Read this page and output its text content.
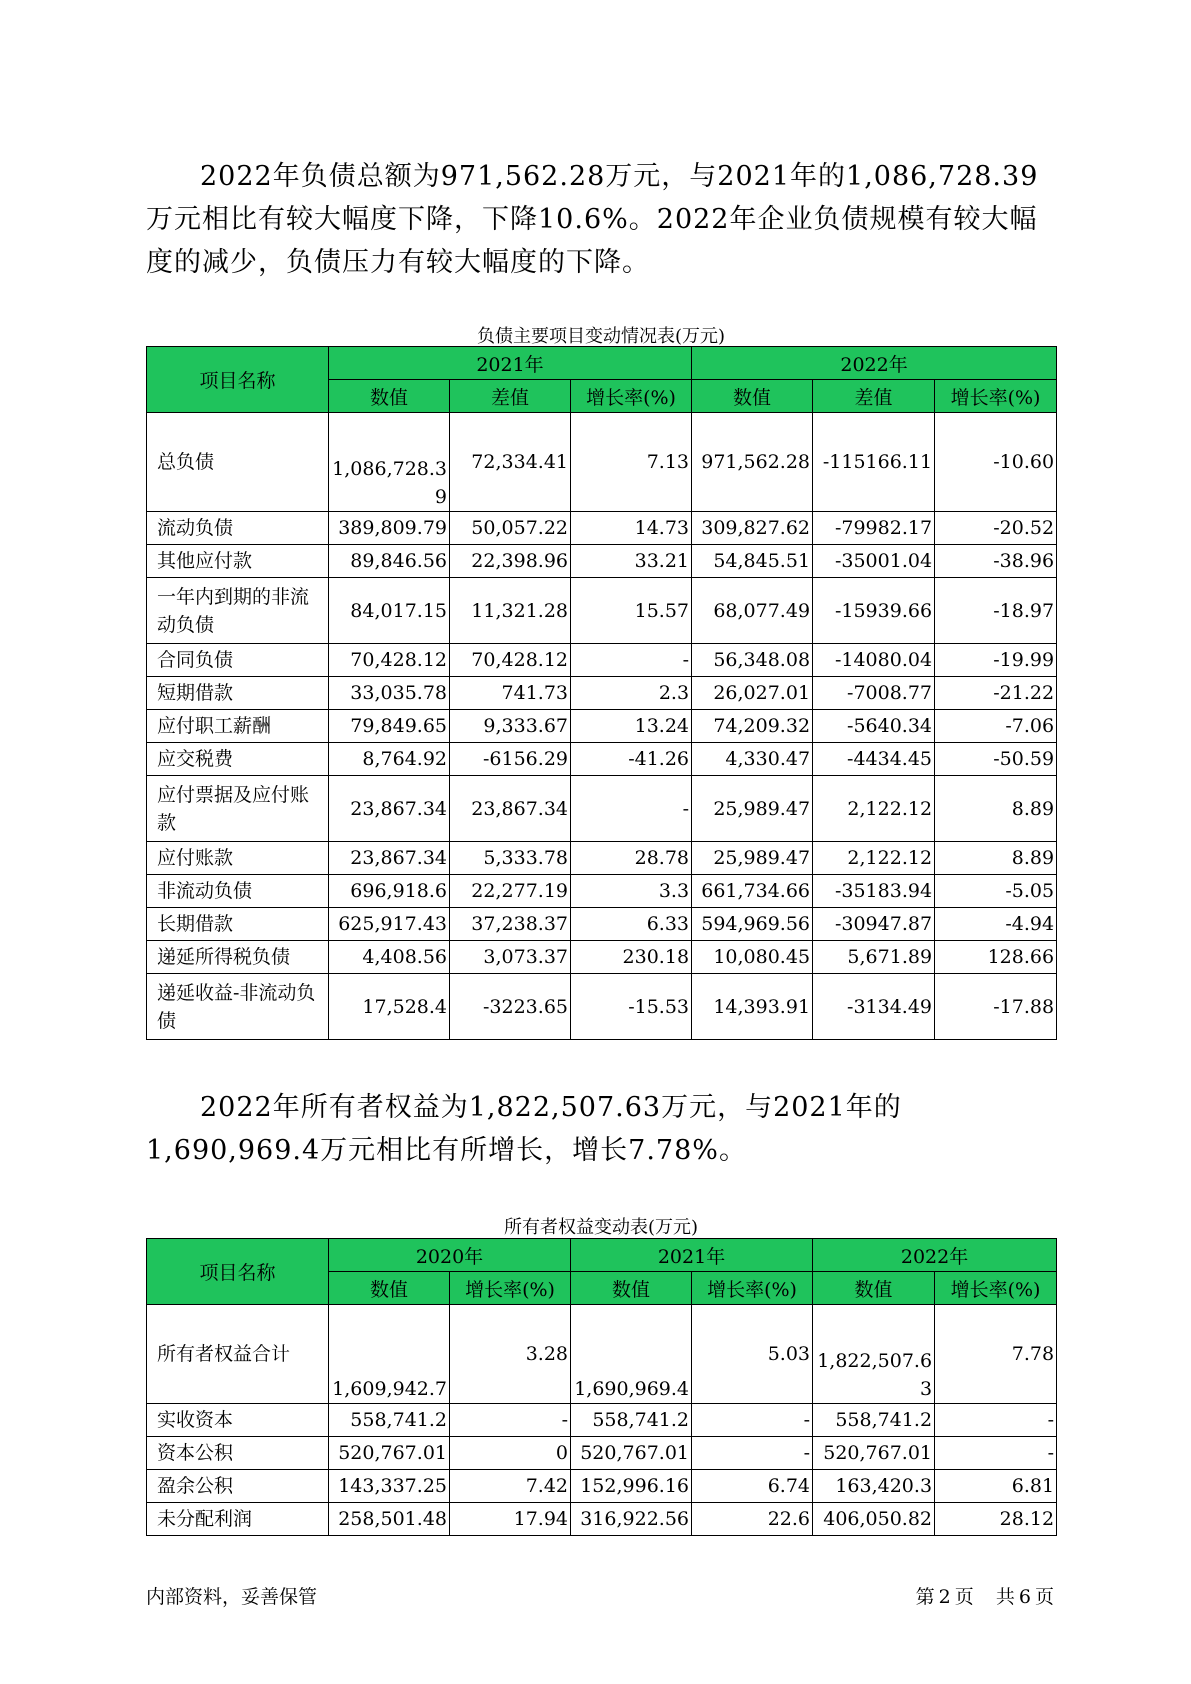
2022年负债总额为971,562.28万元，与2021年的1,086,728.39万元相比有较大幅度下降，下降10.6%。2022年企业负债规模有较大幅度的减少，负债压力有较大幅度的下降。

负债主要项目变动情况表(万元)

项目名称	2021年			2022年		
	数值	差值	增长率(%)	数值	差值	增长率(%)
总负债	1,086,728.39	72,334.41	7.13	971,562.28	-115166.11	-10.60
流动负债	389,809.79	50,057.22	14.73	309,827.62	-79982.17	-20.52
其他应付款	89,846.56	22,398.96	33.21	54,845.51	-35001.04	-38.96
一年内到期的非流动负债	84,017.15	11,321.28	15.57	68,077.49	-15939.66	-18.97
合同负债	70,428.12	70,428.12	-	56,348.08	-14080.04	-19.99
短期借款	33,035.78	741.73	2.3	26,027.01	-7008.77	-21.22
应付职工薪酬	79,849.65	9,333.67	13.24	74,209.32	-5640.34	-7.06
应交税费	8,764.92	-6156.29	-41.26	4,330.47	-4434.45	-50.59
应付票据及应付账款	23,867.34	23,867.34	-	25,989.47	2,122.12	8.89
应付账款	23,867.34	5,333.78	28.78	25,989.47	2,122.12	8.89
非流动负债	696,918.6	22,277.19	3.3	661,734.66	-35183.94	-5.05
长期借款	625,917.43	37,238.37	6.33	594,969.56	-30947.87	-4.94
递延所得税负债	4,408.56	3,073.37	230.18	10,080.45	5,671.89	128.66
递延收益-非流动负债	17,528.4	-3223.65	-15.53	14,393.91	-3134.49	-17.88

2022年所有者权益为1,822,507.63万元，与2021年的1,690,969.4万元相比有所增长，增长7.78%。

所有者权益变动表(万元)

项目名称	2020年		2021年		2022年	
	数值	增长率(%)	数值	增长率(%)	数值	增长率(%)
所有者权益合计	1,609,942.7	3.28	1,690,969.4	5.03	1,822,507.63	7.78
实收资本	558,741.2	-	558,741.2	-	558,741.2	-
资本公积	520,767.01	0	520,767.01	-	520,767.01	-
盈余公积	143,337.25	7.42	152,996.16	6.74	163,420.3	6.81
未分配利润	258,501.48	17.94	316,922.56	22.6	406,050.82	28.12
内部资料，妥善保管	第 2 页 共 6 页
